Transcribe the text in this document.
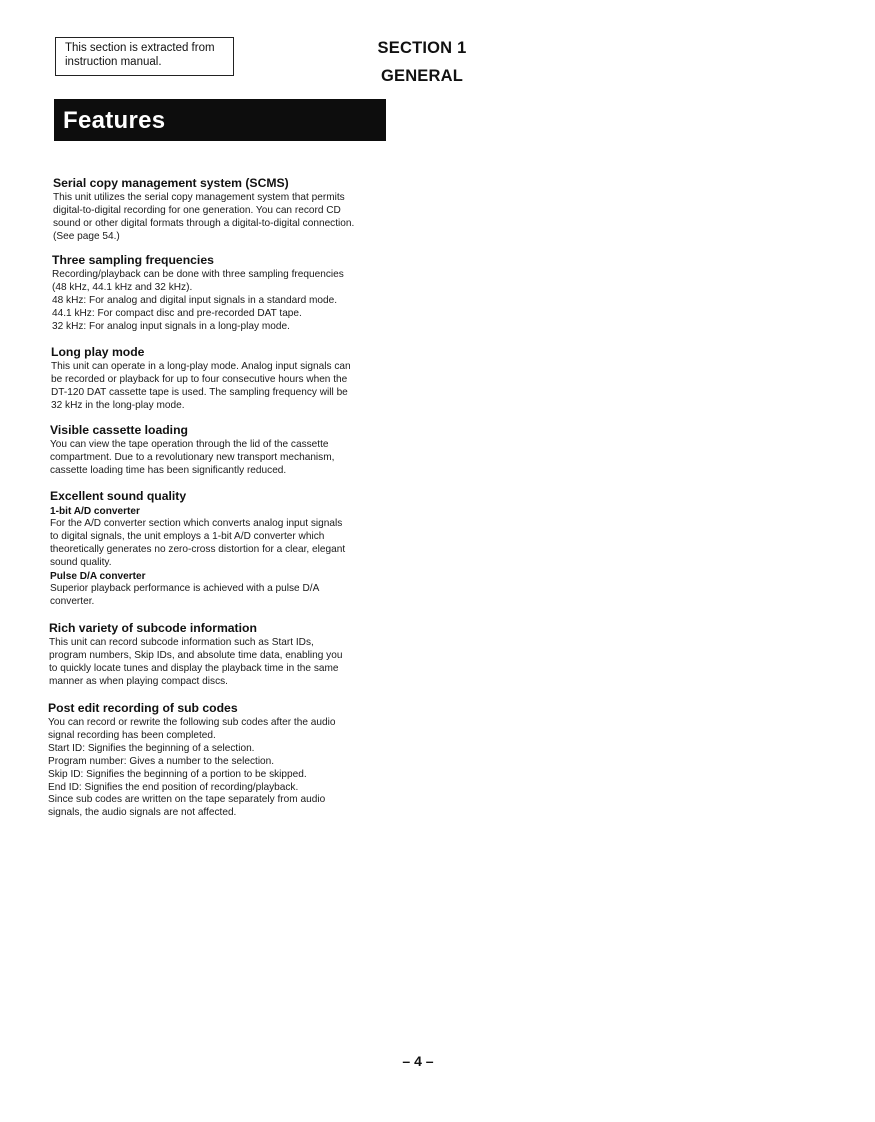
This section is extracted from
instruction manual.
SECTION 1
GENERAL
Features
Serial copy management system (SCMS)
This unit utilizes the serial copy management system that permits
digital-to-digital recording for one generation. You can record CD
sound or other digital formats through a digital-to-digital connection.
(See page 54.)
Three sampling frequencies
Recording/playback can be done with three sampling frequencies
(48 kHz, 44.1 kHz and 32 kHz).
48 kHz: For analog and digital input signals in a standard mode.
44.1 kHz: For compact disc and pre-recorded DAT tape.
32 kHz: For analog input signals in a long-play mode.
Long play mode
This unit can operate in a long-play mode. Analog input signals can
be recorded or playback for up to four consecutive hours when the
DT-120 DAT cassette tape is used. The sampling frequency will be
32 kHz in the long-play mode.
Visible cassette loading
You can view the tape operation through the lid of the cassette
compartment. Due to a revolutionary new transport mechanism,
cassette loading time has been significantly reduced.
Excellent sound quality
1-bit A/D converter
For the A/D converter section which converts analog input signals
to digital signals, the unit employs a 1-bit A/D converter which
theoretically generates no zero-cross distortion for a clear, elegant
sound quality.
Pulse D/A converter
Superior playback performance is achieved with a pulse D/A
converter.
Rich variety of subcode information
This unit can record subcode information such as Start IDs,
program numbers, Skip IDs, and absolute time data, enabling you
to quickly locate tunes and display the playback time in the same
manner as when playing compact discs.
Post edit recording of sub codes
You can record or rewrite the following sub codes after the audio
signal recording has been completed.
Start ID: Signifies the beginning of a selection.
Program number: Gives a number to the selection.
Skip ID: Signifies the beginning of a portion to be skipped.
End ID: Signifies the end position of recording/playback.
Since sub codes are written on the tape separately from audio
signals, the audio signals are not affected.
– 4 –
